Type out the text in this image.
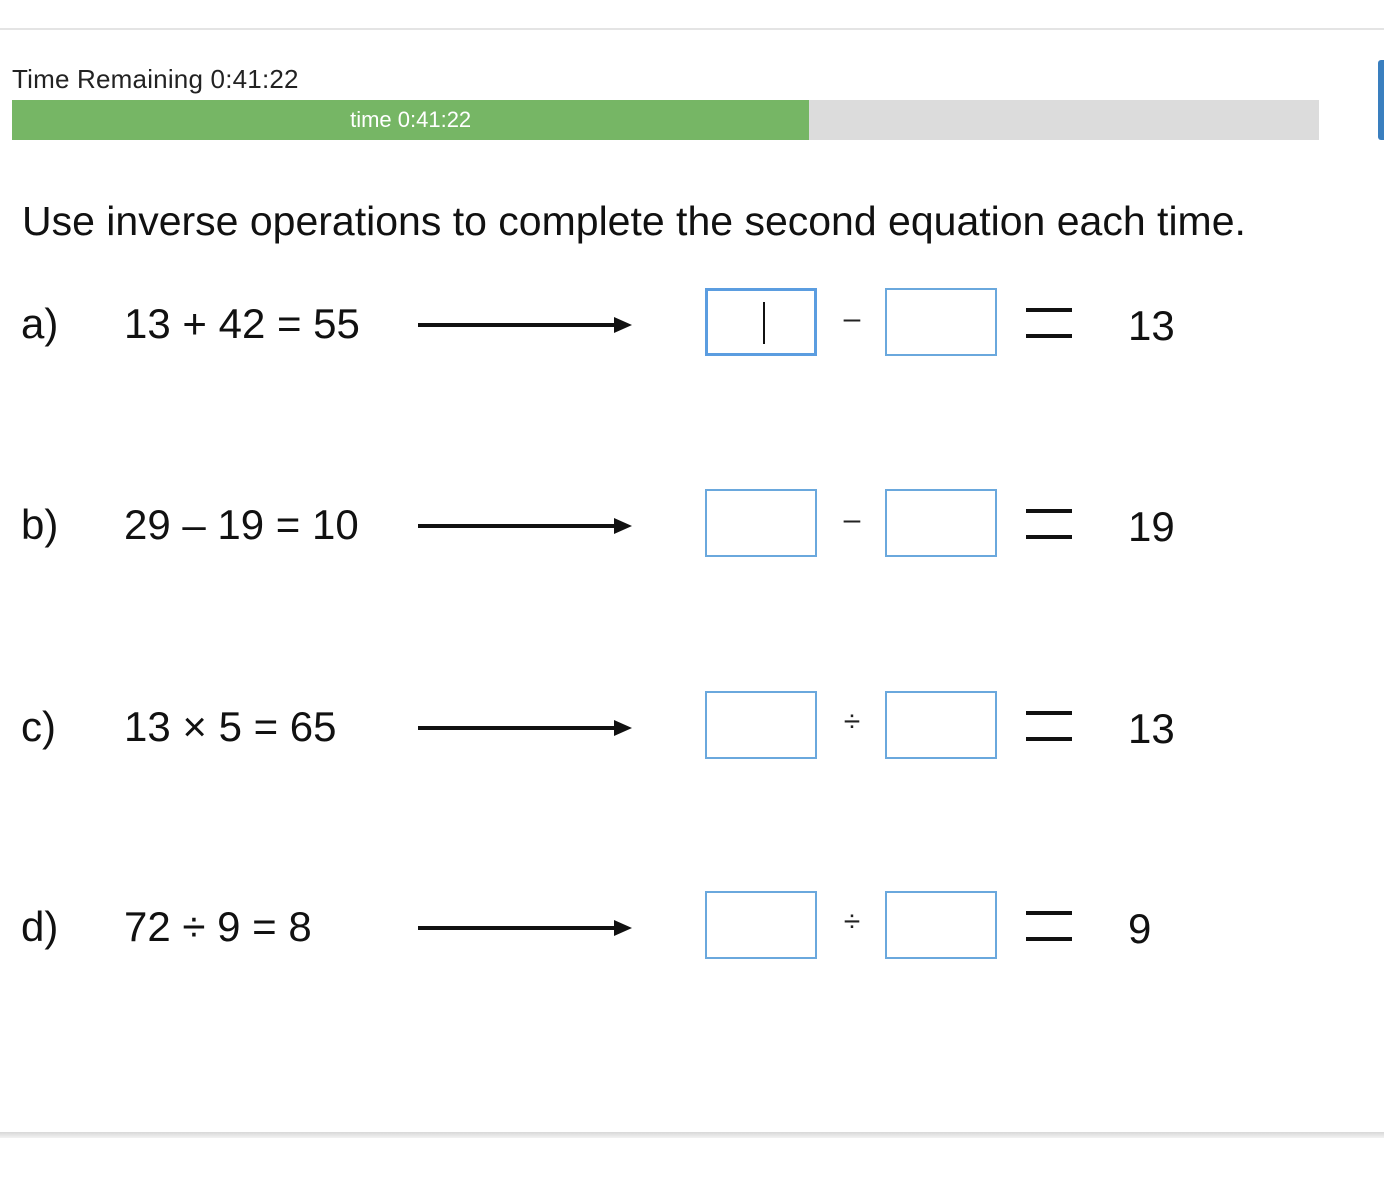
Time Remaining 0:41:22
time 0:41:22
Use inverse operations to complete the second equation each time.
a) 13 + 42 = 55	–	13
b) 29 – 19 = 10	–	19
c) 13 × 5 = 65	÷	13
d) 72 ÷ 9 = 8	÷	9
